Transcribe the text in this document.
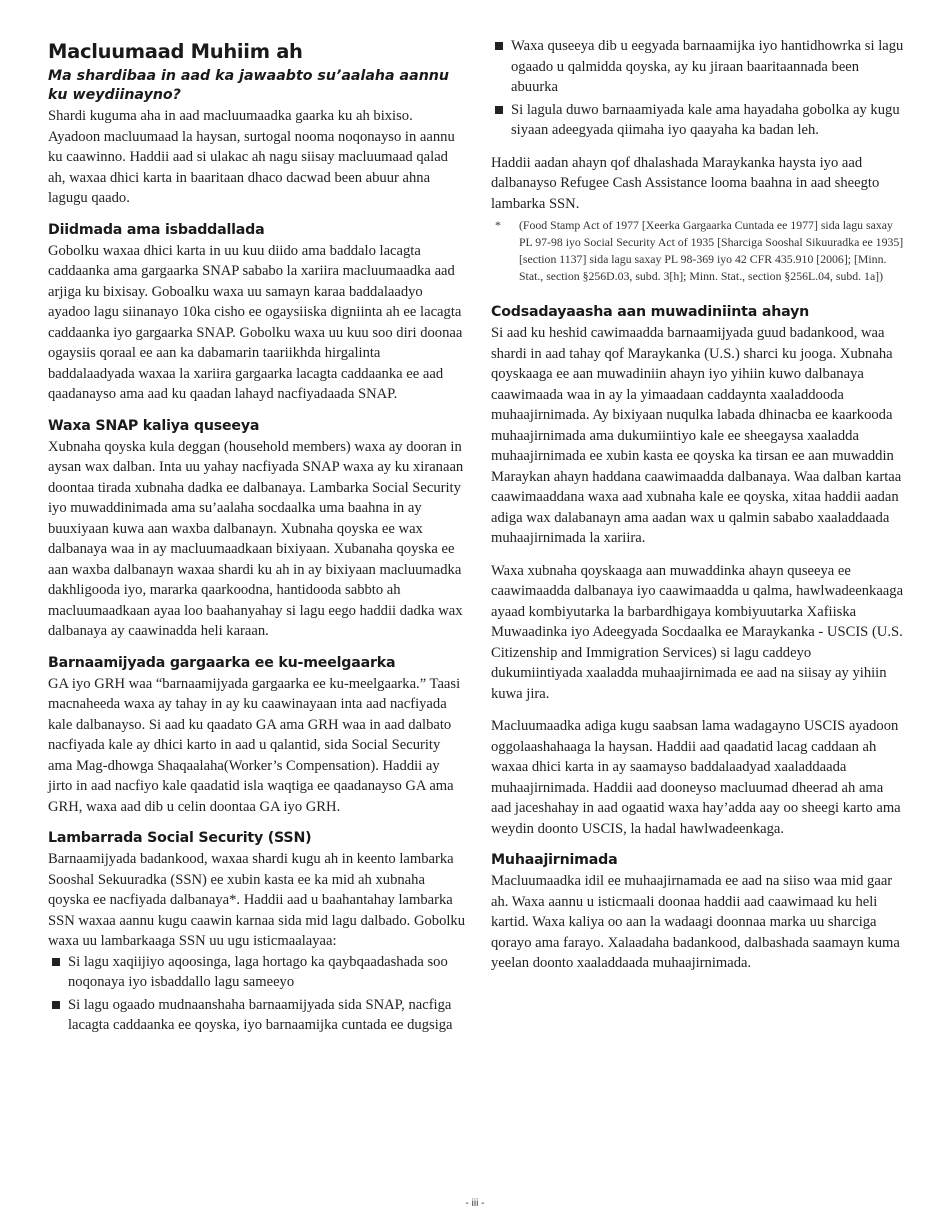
Macluumaad Muhiim ah
Ma shardibaa in aad ka jawaabto su’aalaha aannu ku weydiinayno?

Shardi kuguma aha in aad macluumaadka gaarka ku ah bixiso. Ayadoon macluumaad la haysan, surtogal nooma noqonayso in aannu ku caawinno. Haddii aad si ulakac ah nagu siisay macluumaad qalad ah, waxaa dhici karta in baaritaan dhaco dacwad been abuur ahna lagugu qaado.

Diidmada ama isbaddallada

Gobolku waxaa dhici karta in uu kuu diido ama baddalo lacagta caddaanka ama gargaarka SNAP sababo la xariira macluumaadka aad arjiga ku bixisay. Goboalku waxa uu samayn karaa baddalaadyo ayadoo lagu siinanayo 10ka cisho ee ogaysiiska digniinta ah ee lacagta caddaanka iyo gargaarka SNAP. Gobolku waxa uu kuu soo diri doonaa ogaysiis qoraal ee aan ka dabamarin taariikhda hirgalinta baddalaadyada waxaa la xariira gargaarka lacagta caddaanka ee aad qaadanayso ama aad ku qaadan lahayd nacfiyadaada SNAP.

Waxa SNAP kaliya quseeya

Xubnaha qoyska kula deggan (household members) waxa ay dooran in aysan wax dalban. Inta uu yahay nacfiyada SNAP waxa ay ku xiranaan doontaa tirada xubnaha dadka ee dalbanaya. Lambarka Social Security iyo muwaddinimada ama su’aalaha socdaalka uma baahna in ay buuxiyaan kuwa aan waxba dalbanayn. Xubnaha qoyska ee wax dalbanaya waa in ay macluumaadkaan bixiyaan. Xubanaha qoyska ee aan waxba dalbanayn waxaa shardi ku ah in ay bixiyaan macluumadka dakhligooda iyo, mararka qaarkoodna, hantidooda sabbto ah macluumaadkaan ayaa loo baahanyahay si lagu eego haddii dadka wax dalbanaya ay caawinadda heli karaan.

Barnaamijyada gargaarka ee ku-meelgaarka

GA iyo GRH waa “barnaamijyada gargaarka ee ku-meelgaarka.” Taasi macnaheeda waxa ay tahay in ay ku caawinayaan inta aad nacfiyada kale dalbanayso. Si aad ku qaadato GA ama GRH waa in aad dalbato nacfiyada kale ay dhici karto in aad u qalantid, sida Social Security ama Mag-dhowga Shaqaalaha(Worker’s Compensation). Haddii ay jirto in aad nacfiyo kale qaadatid isla waqtiga ee qaadanayso GA ama GRH, waxa aad dib u celin doontaa GA iyo GRH.

Lambarrada Social Security (SSN)

Barnaamijyada badankood, waxaa shardi kugu ah in keento lambarka Sooshal Sekuuradka (SSN) ee xubin kasta ee ka mid ah xubnaha qoyska ee nacfiyada dalbanaya*. Haddii aad u baahantahay lambarka SSN waxaa aannu kugu caawin karnaa sida mid lagu dalbado. Gobolku waxa uu lambarkaaga SSN uu ugu isticmaalayaa:

Si lagu xaqiijiyo aqoosinga, laga hortago ka qaybqaadashada soo noqonaya iyo isbaddallo lagu sameeyo
Si lagu ogaado mudnaanshaha barnaamijyada sida SNAP, nacfiga lacagta caddaanka ee qoyska, iyo barnaamijka cuntada ee dugsiga
Waxa quseeya dib u eegyada barnaamijka iyo hantidhowrka si lagu ogaado u qalmidda qoyska, ay ku jiraan baaritaannada been abuurka
Si lagula duwo barnaamiyada kale ama hayadaha gobolka ay kugu siyaan adeegyada qiimaha iyo qaayaha ka badan leh.

Haddii aadan ahayn qof dhalashada Maraykanka haysta iyo aad dalbanayso Refugee Cash Assistance looma baahna in aad sheegto lambarka SSN.

* (Food Stamp Act of 1977 [Xeerka Gargaarka Cuntada ee 1977] sida lagu saxay PL 97-98 iyo Social Security Act of 1935 [Sharciga Sooshal Sikuuradka ee 1935] [section 1137] sida lagu saxay PL 98-369 iyo 42 CFR 435.910 [2006]; [Minn. Stat., section §256D.03, subd. 3[h]; Minn. Stat., section §256L.04, subd. 1a])
Codsadayaasha aan muwadiniinta ahayn

Si aad ku heshid cawimaadda barnaamijyada guud badankood, waa shardi in aad tahay qof Maraykanka (U.S.) sharci ku jooga. Xubnaha qoyskaaga ee aan muwadiniin ahayn iyo yihiin kuwo dalbanaya caawimaada waa in ay la yimaadaan caddaynta xaaladdooda muhaajirnimada. Ay bixiyaan nuqulka labada dhinacba ee kaarkooda muhaajirnimada ama dukumiintiyo kale ee sheegaysa xaaladda muhaajirnimada ee xubin kasta ee qoyska ka tirsan ee aan muwaddin Maraykan ahayn haddana caawimaadda dalbanaya. Waa dalban kartaa caawimaaddana waxa aad xubnaha kale ee qoyska, xitaa haddii aadan adiga wax dalabanayn ama aadan wax u qalmin sababo xaaladdaada muhaajirnimada la xariira.

Waxa xubnaha qoyskaaga aan muwaddinka ahayn quseeya ee caawimaadda dalbanaya iyo caawimaadda u qalma, hawlwadeenkaaga ayaad kombiyutarka la barbardhigaya kombiyuutarka Xafiiska Muwaadinka iyo Adeegyada Socdaalka ee Maraykanka - USCIS (U.S. Citizenship and Immigration Services) si lagu caddeyo dukumiintiyada xaaladda muhaajirnimada ee aad na siisay ay yihiin kuwa jira.

Macluumaadka adiga kugu saabsan lama wadagayno USCIS ayadoon oggolaashahaaga la haysan. Haddii aad qaadatid lacag caddaan ah waxaa dhici karta in ay saamayso baddalaadyad xaaladdaada muhaajirnimada. Haddii aad dooneyso macluumad dheerad ah ama aad jaceshahay in aad ogaatid waxa hay’adda aay oo sheegi karto ama weydin doonto USCIS, la hadal hawlwadeenkaga.

Muhaajirnimada

Macluumaadka idil ee muhaajirnamada ee aad na siiso waa mid gaar ah. Waxa aannu u isticmaali doonaa haddii aad caawimaad ku heli kartid. Waxa kaliya oo aan la wadaagi doonnaa marka uu sharciga qorayo ama farayo. Xalaadaha badankood, dalbashada saamayn kuma yeelan doonto xaaladdaada muhaajirnimada.

- iii -
